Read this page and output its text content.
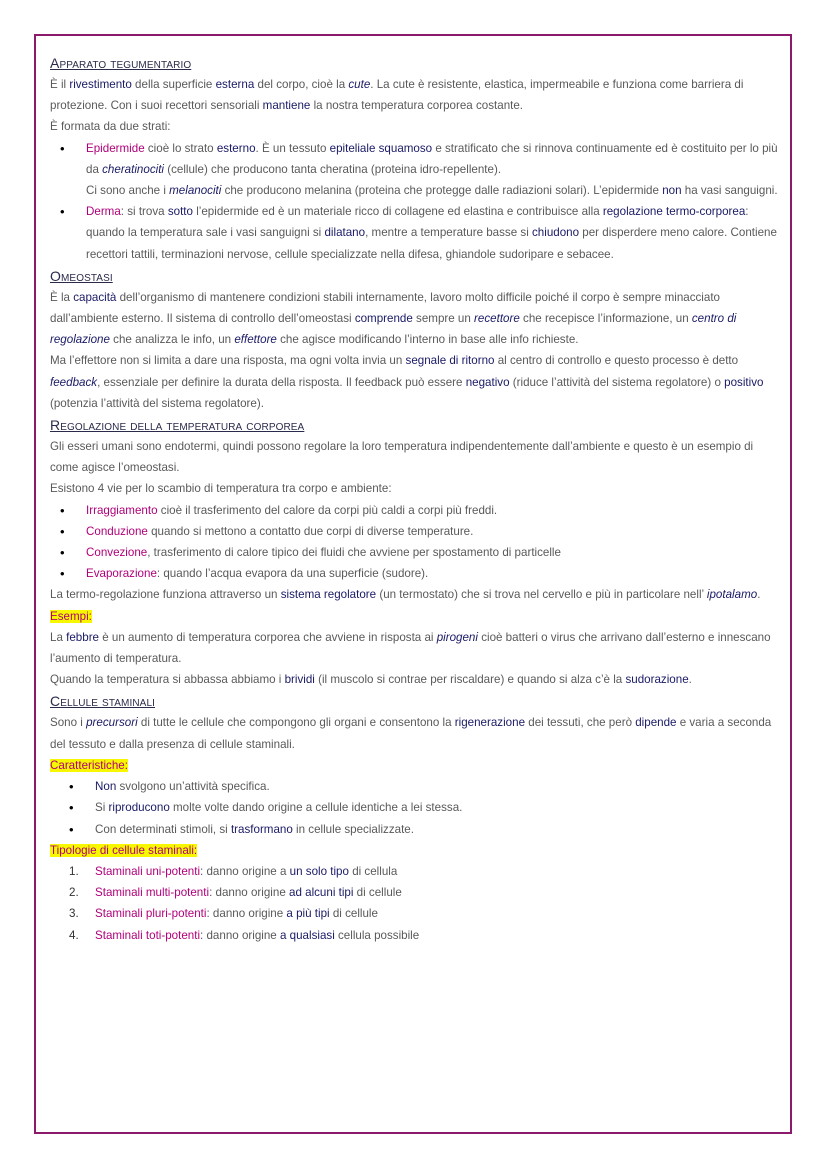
Apparato tegumentario

È il rivestimento della superficie esterna del corpo, cioè la cute. La cute è resistente, elastica, impermeabile e funziona come barriera di protezione. Con i suoi recettori sensoriali mantiene la nostra temperatura corporea costante.

È formata da due strati:

• Epidermide cioè lo strato esterno. È un tessuto epiteliale squamoso e stratificato che si rinnova continuamente ed è costituito per lo più da cheratinociti (cellule) che producono tanta cheratina (proteina idro-repellente).
Ci sono anche i melanociti che producono melanina (proteina che protegge dalle radiazioni solari). L’epidermide non ha vasi sanguigni.
• Derma: si trova sotto l’epidermide ed è un materiale ricco di collagene ed elastina e contribuisce alla regolazione termo-corporea: quando la temperatura sale i vasi sanguigni si dilatano, mentre a temperature basse si chiudono per disperdere meno calore. Contiene recettori tattili, terminazioni nervose, cellule specializzate nella difesa, ghiandole sudoripare e sebacee.
Omeostasi

È la capacità dell’organismo di mantenere condizioni stabili internamente, lavoro molto difficile poiché il corpo è sempre minacciato dall’ambiente esterno. Il sistema di controllo dell’omeostasi comprende sempre un recettore che recepisce l’informazione, un centro di regolazione che analizza le info, un effettore che agisce modificando l’interno in base alle info richieste.

Ma l’effettore non si limita a dare una risposta, ma ogni volta invia un segnale di ritorno al centro di controllo e questo processo è detto feedback, essenziale per definire la durata della risposta. Il feedback può essere negativo (riduce l’attività del sistema regolatore) o positivo (potenzia l’attività del sistema regolatore).

Regolazione della temperatura corporea

Gli esseri umani sono endotermi, quindi possono regolare la loro temperatura indipendentemente dall’ambiente e questo è un esempio di come agisce l’omeostasi.

Esistono 4 vie per lo scambio di temperatura tra corpo e ambiente:

• Irraggiamento cioè il trasferimento del calore da corpi più caldi a corpi più freddi.
• Conduzione quando si mettono a contatto due corpi di diverse temperature.
• Convezione, trasferimento di calore tipico dei fluidi che avviene per spostamento di particelle
• Evaporazione: quando l’acqua evapora da una superficie (sudore).

La termo-regolazione funziona attraverso un sistema regolatore (un termostato) che si trova nel cervello e più in particolare nell’ ipotalamo.

Esempi:

La febbre è un aumento di temperatura corporea che avviene in risposta ai pirogeni cioè batteri o virus che arrivano dall’esterno e innescano l’aumento di temperatura.

Quando la temperatura si abbassa abbiamo i brividi (il muscolo si contrae per riscaldare) e quando si alza c’è la sudorazione.

Cellule staminali

Sono i precursori di tutte le cellule che compongono gli organi e consentono la rigenerazione dei tessuti, che però dipende e varia a seconda del tessuto e dalla presenza di cellule staminali.

Caratteristiche:

• Non svolgono un’attività specifica.
• Si riproducono molte volte dando origine a cellule identiche a lei stessa.
• Con determinati stimoli, si trasformano in cellule specializzate.

Tipologie di cellule staminali:

1. Staminali uni-potenti: danno origine a un solo tipo di cellula
2. Staminali multi-potenti: danno origine ad alcuni tipi di cellule
3. Staminali pluri-potenti: danno origine a più tipi di cellule
4. Staminali toti-potenti: danno origine a qualsiasi cellula possibile
